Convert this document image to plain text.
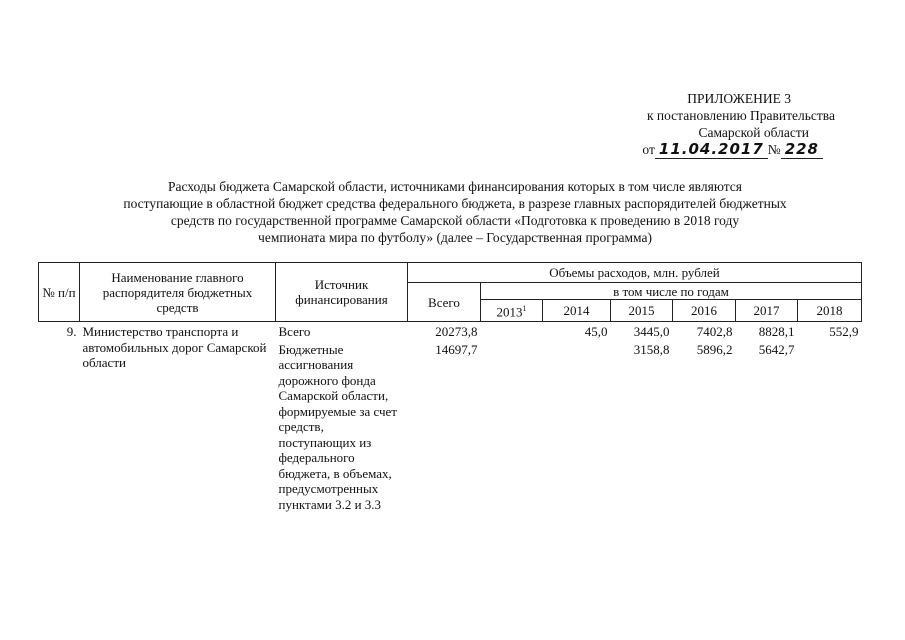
ПРИЛОЖЕНИЕ 3
к постановлению Правительства
Самарской области
от 11.04.2017 № 228
Расходы бюджета Самарской области, источниками финансирования которых в том числе являются
поступающие в областной бюджет средства федерального бюджета, в разрезе главных распорядителей бюджетных
средств по государственной программе Самарской области «Подготовка к проведению в 2018 году
чемпионата мира по футболу» (далее – Государственная программа)
№ п/п	Наименование главного распорядителя бюджетных средств	Источник финансирования	Объемы расходов, млн. рублей						
			Всего	в том числе по годам					
				2013$^1$	2014	2015	2016	2017	2018
9.	Министерство транспорта и автомобильных дорог Самарской области	Всего	20273,8		45,0	3445,0	7402,8	8828,1	552,9
		Бюджетные ассигнования дорожного фонда Самарской области, формируемые за счет средств, поступающих из федерального бюджета, в объемах, предусмотренных пунктами 3.2 и 3.3	14697,7			3158,8	5896,2	5642,7	
